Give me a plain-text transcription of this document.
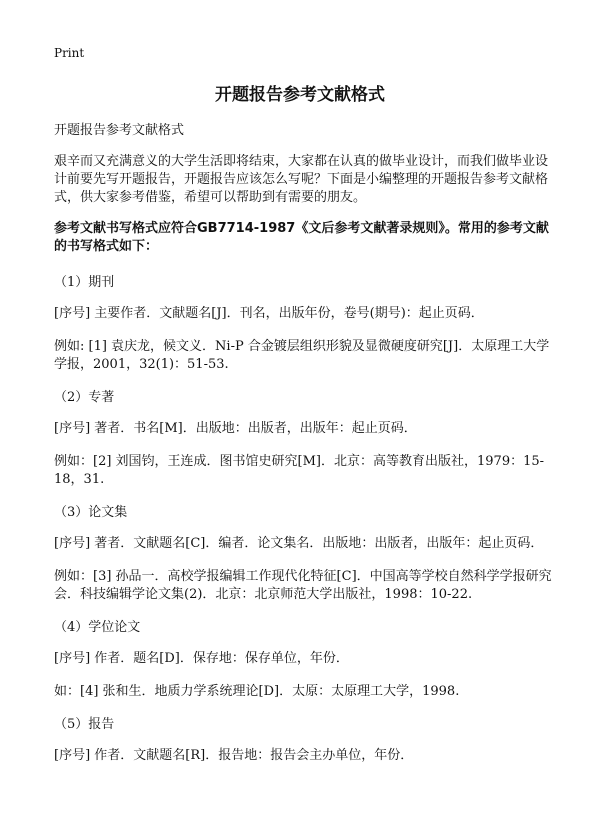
Print
开题报告参考文献格式

开题报告参考文献格式

艰辛而又充满意义的大学生活即将结束，大家都在认真的做毕业设计，而我们做毕业设计前要先写开题报告，开题报告应该怎么写呢？下面是小编整理的开题报告参考文献格式，供大家参考借鉴，希望可以帮助到有需要的朋友。

参考文献书写格式应符合GB7714-1987《文后参考文献著录规则》。常用的参考文献的书写格式如下：

（1）期刊

[序号] 主要作者．文献题名[J]．刊名，出版年份，卷号(期号)：起止页码．

例如: [1] 袁庆龙，候文义．Ni-P 合金镀层组织形貌及显微硬度研究[J]．太原理工大学学报，2001，32(1)：51-53.

（2）专著

[序号] 著者．书名[M]．出版地：出版者，出版年：起止页码．

例如：[2] 刘国钧，王连成．图书馆史研究[M]．北京：高等教育出版社，1979：15-18，31.

（3）论文集

[序号] 著者．文献题名[C]．编者．论文集名．出版地：出版者，出版年：起止页码．

例如：[3] 孙品一．高校学报编辑工作现代化特征[C]．中国高等学校自然科学学报研究会．科技编辑学论文集(2)．北京：北京师范大学出版社，1998：10-22.

（4）学位论文

[序号] 作者．题名[D]．保存地：保存单位，年份．

如：[4] 张和生．地质力学系统理论[D]．太原：太原理工大学，1998.

（5）报告

[序号] 作者．文献题名[R]．报告地：报告会主办单位，年份．
